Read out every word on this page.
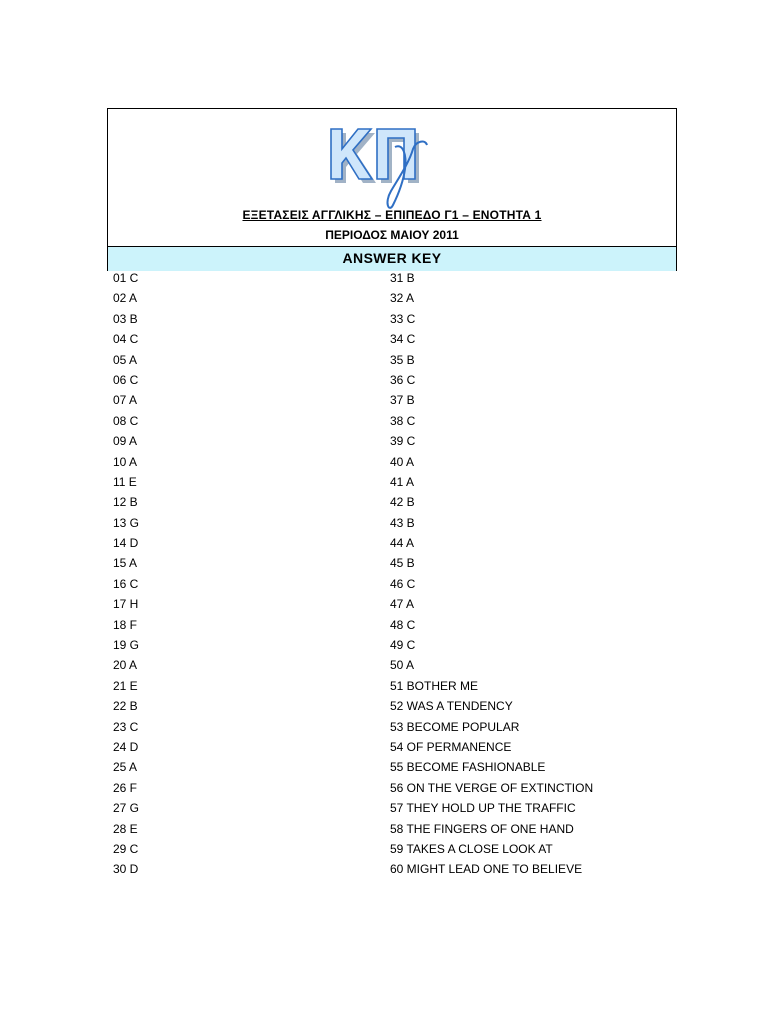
ΕΞΕΤΑΣΕΙΣ ΑΓΓΛΙΚΗΣ – ΕΠΙΠΕΔΟ Γ1 – ΕΝΟΤΗΤΑ 1
ΠΕΡΙΟΔΟΣ ΜΑΙΟΥ 2011
ANSWER KEY
01 C
02 A
03 B
04 C
05 A
06 C
07 A
08 C
09 A
10 A
11 E
12 B
13 G
14 D
15 A
16 C
17 H
18 F
19 G
20 A
21 E
22 B
23 C
24 D
25 A
26 F
27 G
28 E
29 C
30 D
31 B
32 A
33 C
34 C
35 B
36 C
37 B
38 C
39 C
40 A
41 A
42 B
43 B
44 A
45 B
46 C
47 A
48 C
49 C
50 A
51 BOTHER ME
52 WAS A TENDENCY
53 BECOME POPULAR
54 OF PERMANENCE
55 BECOME FASHIONABLE
56 ON THE VERGE OF EXTINCTION
57 THEY HOLD UP THE TRAFFIC
58 THE FINGERS OF ONE HAND
59 TAKES A CLOSE LOOK AT
60 MIGHT LEAD ONE TO BELIEVE
